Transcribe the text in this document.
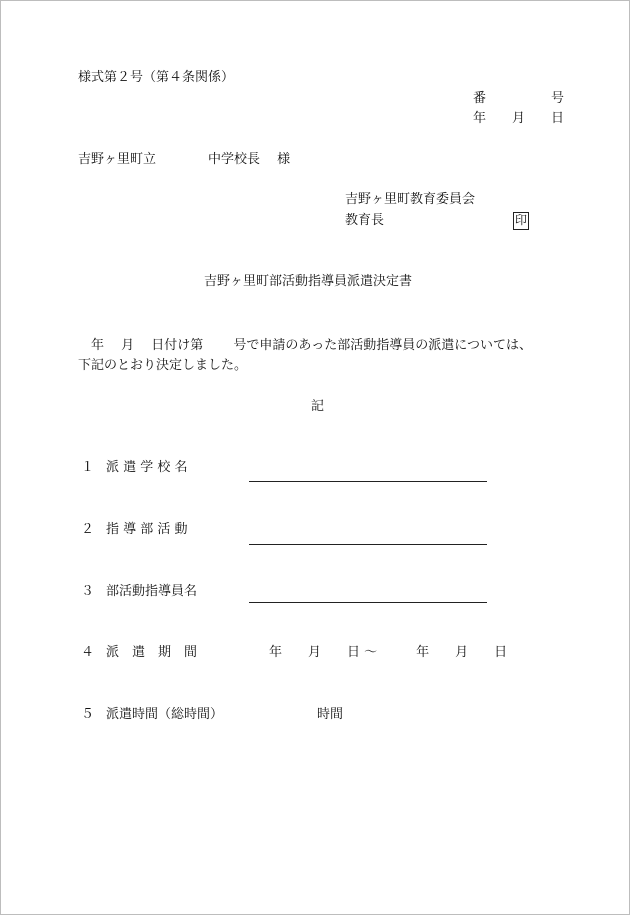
様式第２号（第４条関係）
番　　　　　号
年　　月　　日
吉野ヶ里町立　　　　中学校長　 様
吉野ヶ里町教育委員会
教育長	印
吉野ヶ里町部活動指導員派遣決定書
　年　 月　 日付け第　　 号で申請のあった部活動指導員の派遣については、
下記のとおり決定しました。
記
１ 派 遣 学 校 名
２ 指 導 部 活 動
３ 部活動指導員名
４ 派　遣　期　間	年　　月　　日 ～　　　年　　月　　日
５ 派遣時間（総時間）	時間
